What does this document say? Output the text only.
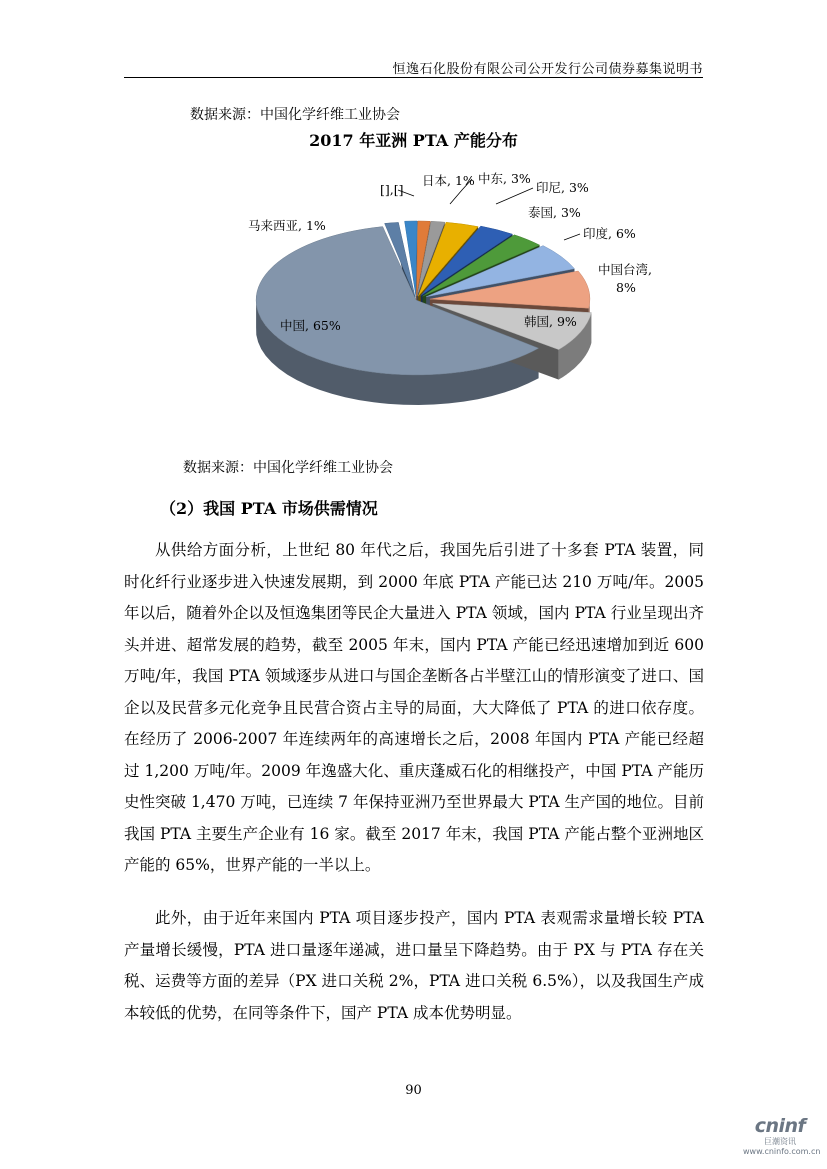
恒逸石化股份有限公司公开发行公司债券募集说明书
数据来源：中国化学纤维工业协会
2017 年亚洲 PTA 产能分布
[],[]
日本, 1% 中东, 3%
印尼, 3%
泰国, 3%
印度, 6%
中国台湾,
8%
韩国, 9%
中国, 65%
马来西亚, 1%
数据来源：中国化学纤维工业协会
（2）我国 PTA 市场供需情况

从供给方面分析，上世纪 80 年代之后，我国先后引进了十多套 PTA 装置，同时化纤行业逐步进入快速发展期，到 2000 年底 PTA 产能已达 210 万吨/年。2005 年以后，随着外企以及恒逸集团等民企大量进入 PTA 领域，国内 PTA 行业呈现出齐头并进、超常发展的趋势，截至 2005 年末，国内 PTA 产能已经迅速增加到近 600 万吨/年，我国 PTA 领域逐步从进口与国企垄断各占半壁江山的情形演变了进口、国企以及民营多元化竞争且民营合资占主导的局面，大大降低了 PTA 的进口依存度。在经历了 2006-2007 年连续两年的高速增长之后，2008 年国内 PTA 产能已经超过 1,200 万吨/年。2009 年逸盛大化、重庆蓬威石化的相继投产，中国 PTA 产能历史性突破 1,470 万吨，已连续 7 年保持亚洲乃至世界最大 PTA 生产国的地位。目前我国 PTA 主要生产企业有 16 家。截至 2017 年末，我国 PTA 产能占整个亚洲地区产能的 65%，世界产能的一半以上。

此外，由于近年来国内 PTA 项目逐步投产，国内 PTA 表观需求量增长较 PTA 产量增长缓慢，PTA 进口量逐年递减，进口量呈下降趋势。由于 PX 与 PTA 存在关税、运费等方面的差异（PX 进口关税 2%，PTA 进口关税 6.5%），以及我国生产成本较低的优势，在同等条件下，国产 PTA 成本优势明显。

90
cninf
巨潮资讯
www.cninfo.com.cn
